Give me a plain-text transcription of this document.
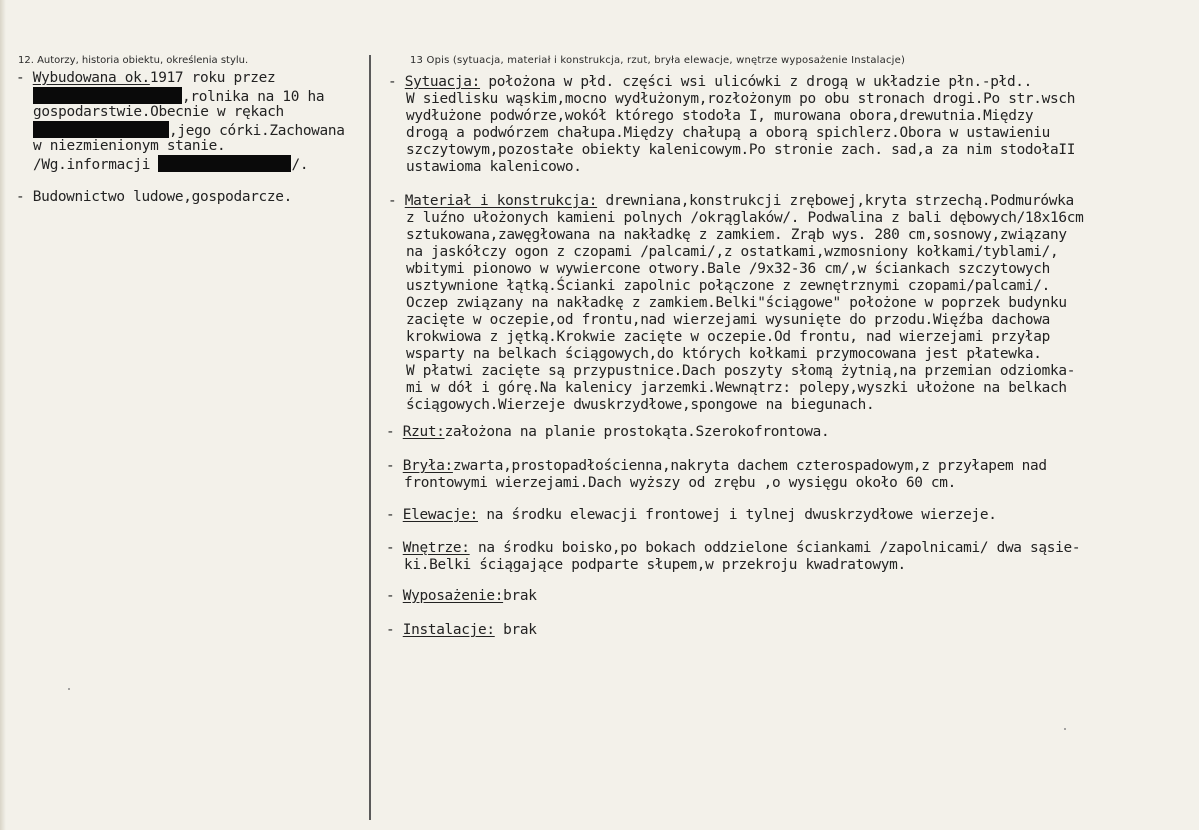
12. Autorzy, historia obiektu, określenia stylu.	13 Opis (sytuacja, materiał i konstrukcja, rzut, bryła elewacje, wnętrze wyposażenie Instalacje)

- Wybudowana ok.1917 roku przez

,rolnika na 10 ha

gospodarstwie.Obecnie w rękach

,jego córki.Zachowana

w niezmienionym stanie.

/Wg.informacji	/.

- Budownictwo ludowe,gospodarcze.

- Sytuacja: położona w płd. części wsi ulicówki z drogą w układzie płn.-płd..

W siedlisku wąskim,mocno wydłużonym,rozłożonym po obu stronach drogi.Po str.wsch

wydłużone podwórze,wokół którego stodoła I, murowana obora,drewutnia.Między

drogą a podwórzem chałupa.Między chałupą a oborą spichlerz.Obora w ustawieniu

szczytowym,pozostałe obiekty kalenicowym.Po stronie zach. sad,a za nim stodołaII

ustawioma kalenicowo.

- Materiał i konstrukcja: drewniana,konstrukcji zrębowej,kryta strzechą.Podmurówka

z luźno ułożonych kamieni polnych /okrąglaków/. Podwalina z bali dębowych/18x16cm

sztukowana,zawęgłowana na nakładkę z zamkiem. Zrąb wys. 280 cm,sosnowy,związany

na jaskółczy ogon z czopami /palcami/,z ostatkami,wzmosniony kołkami/tyblami/,

wbitymi pionowo w wywiercone otwory.Bale /9x32-36 cm/,w ściankach szczytowych

usztywnione łątką.Ścianki zapolnic połączone z zewnętrznymi czopami/palcami/.

Oczep związany na nakładkę z zamkiem.Belki"ściągowe" położone w poprzek budynku

zacięte w oczepie,od frontu,nad wierzejami wysunięte do przodu.Więźba dachowa

krokwiowa z jętką.Krokwie zacięte w oczepie.Od frontu, nad wierzejami przyłap

wsparty na belkach ściągowych,do których kołkami przymocowana jest płatewka.

W płatwi zacięte są przypustnice.Dach poszyty słomą żytnią,na przemian odziomka-

mi w dół i górę.Na kalenicy jarzemki.Wewnątrz: polepy,wyszki ułożone na belkach

ściągowych.Wierzeje dwuskrzydłowe,spongowe na biegunach.

- Rzut:założona na planie prostokąta.Szerokofrontowa.

- Bryła:zwarta,prostopadłościenna,nakryta dachem czterospadowym,z przyłapem nad

frontowymi wierzejami.Dach wyższy od zrębu ,o wysięgu około 60 cm.

- Elewacje: na środku elewacji frontowej i tylnej dwuskrzydłowe wierzeje.

- Wnętrze: na środku boisko,po bokach oddzielone ściankami /zapolnicami/ dwa sąsie-

ki.Belki ściągające podparte słupem,w przekroju kwadratowym.

- Wyposażenie:brak

- Instalacje: brak
